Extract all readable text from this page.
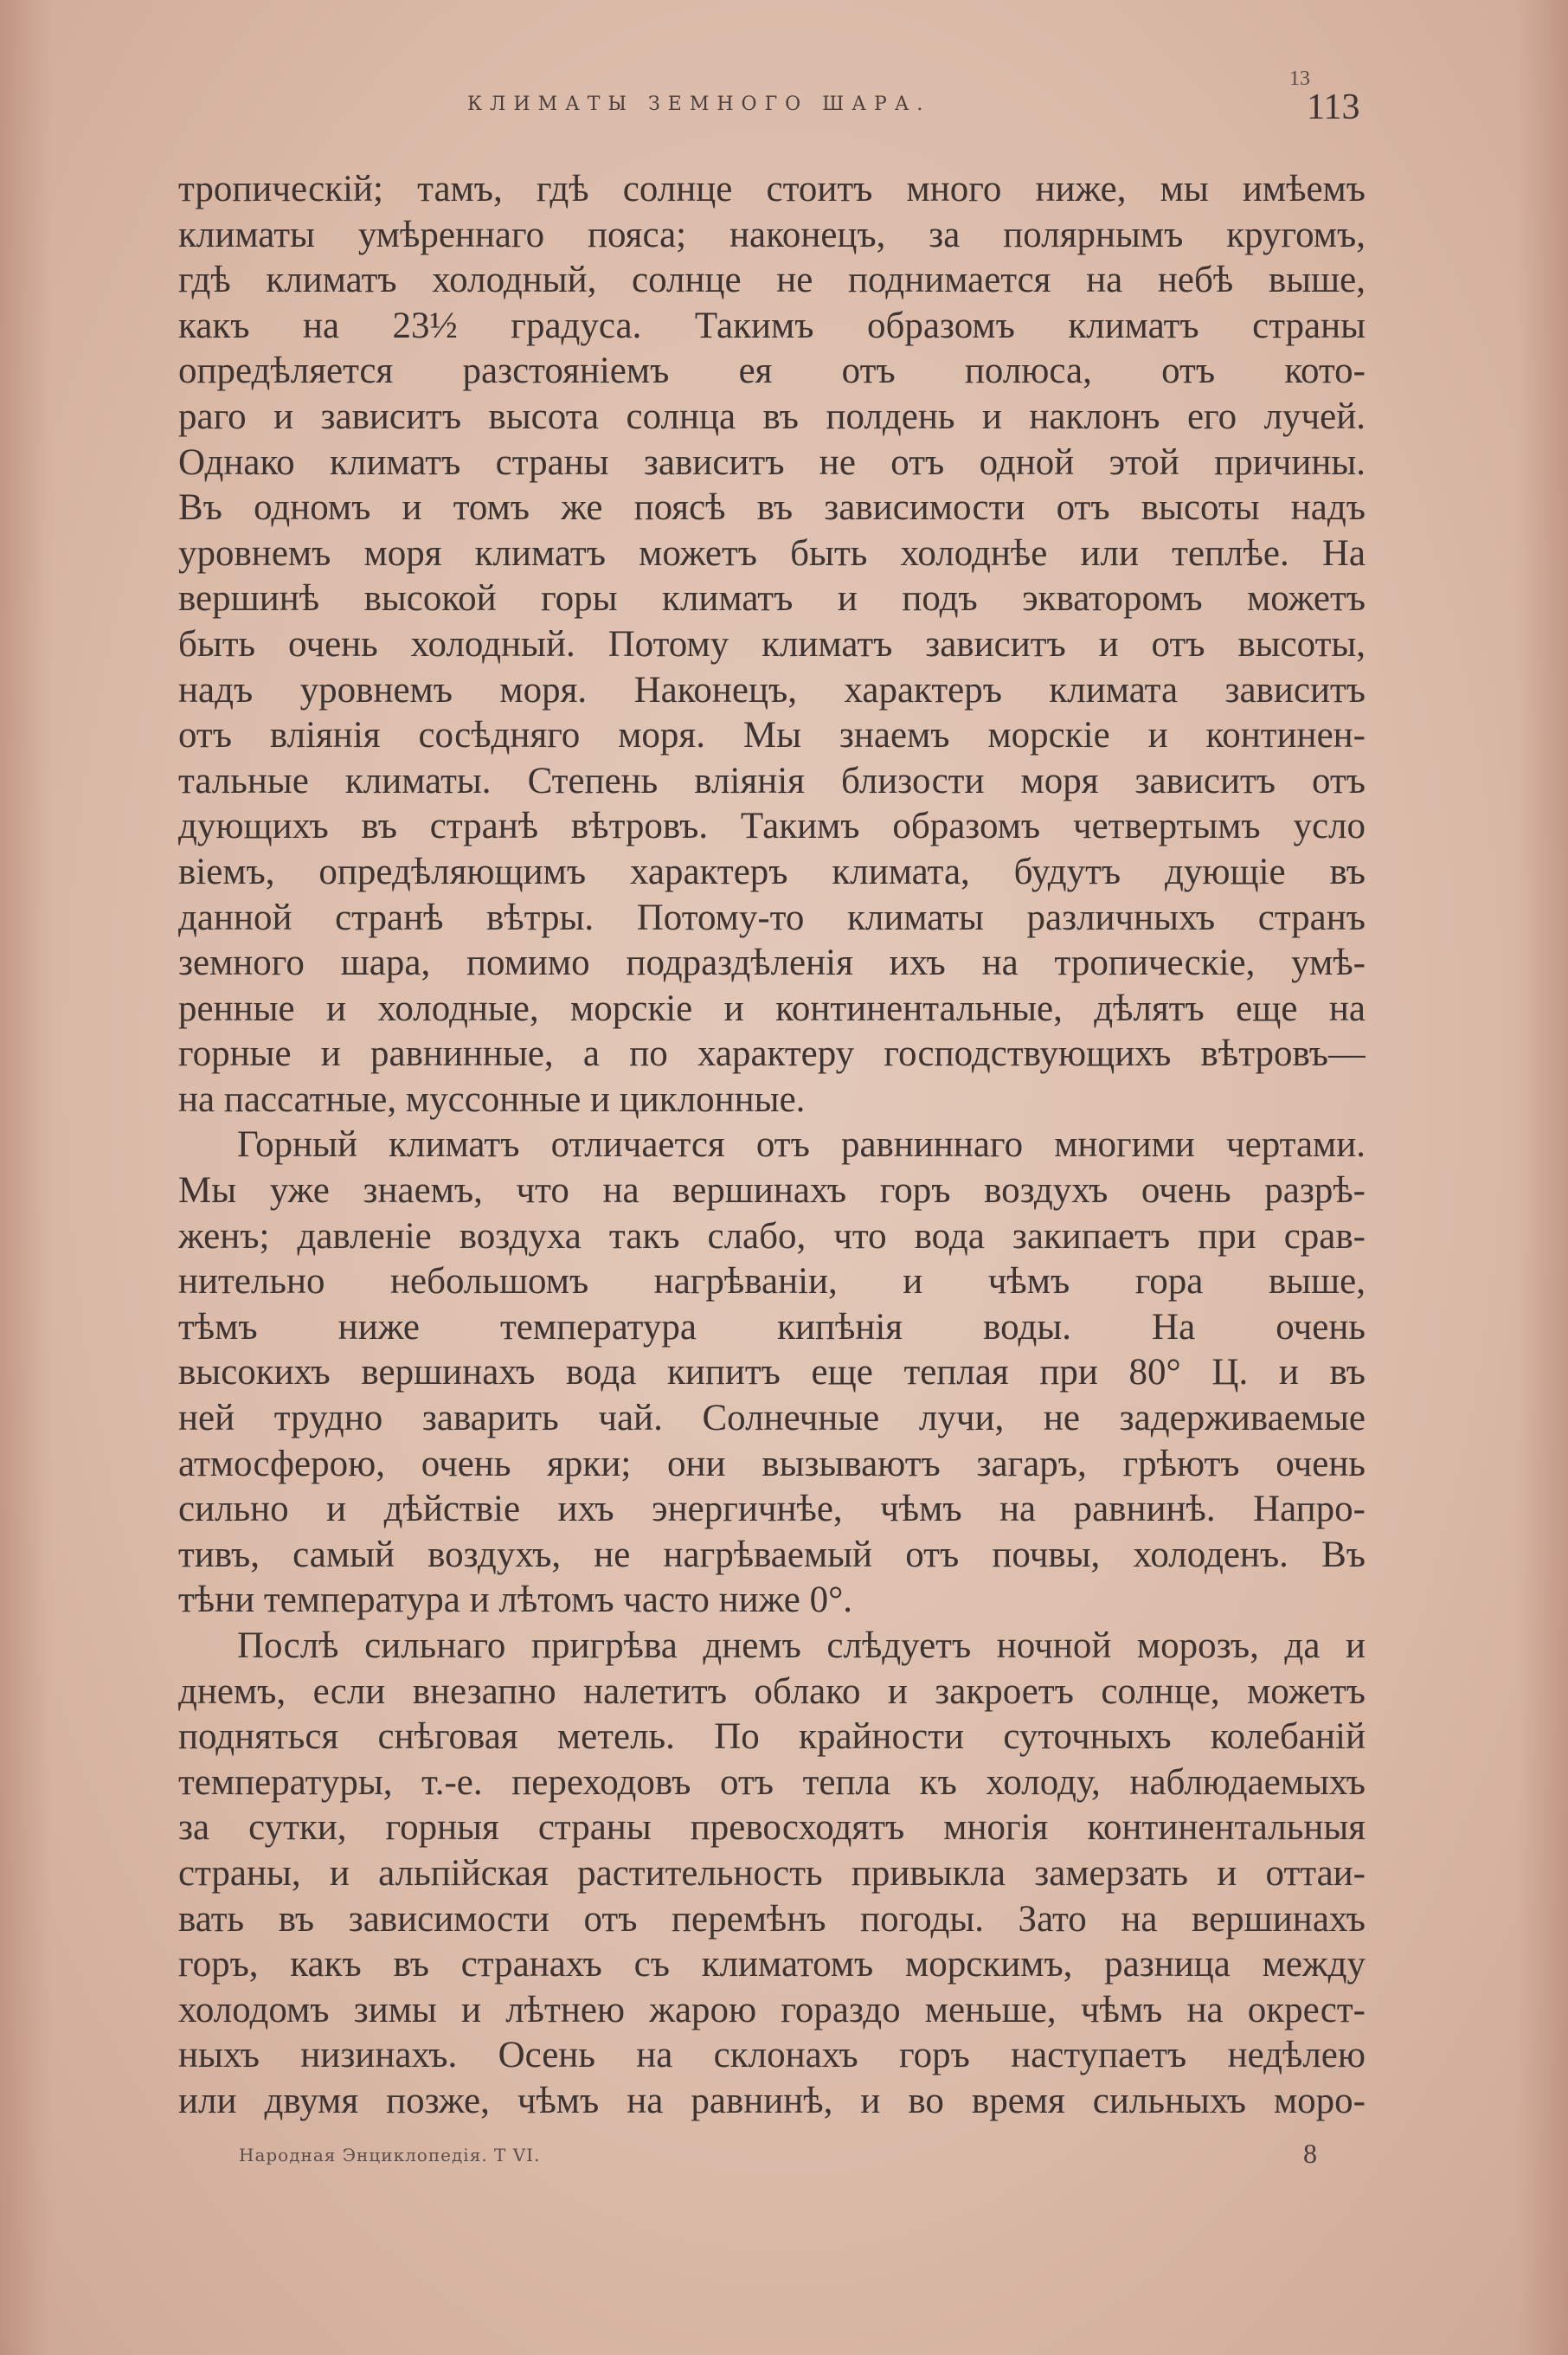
КЛИМАТЫ ЗЕМНОГО ШАРА.
13
113
тропическій; тамъ, гдѣ солнце стоитъ много ниже, мы имѣемъ
климаты умѣреннаго пояса; наконецъ, за полярнымъ кругомъ,
гдѣ климатъ холодный, солнце не поднимается на небѣ выше,
какъ на 23½ градуса. Такимъ образомъ климатъ страны
опредѣляется разстояніемъ ея отъ полюса, отъ кото-
раго и зависитъ высота солнца въ полдень и наклонъ его лучей.
Однако климатъ страны зависитъ не отъ одной этой причины.
Въ одномъ и томъ же поясѣ въ зависимости отъ высоты надъ
уровнемъ моря климатъ можетъ быть холоднѣе или теплѣе. На
вершинѣ высокой горы климатъ и подъ экваторомъ можетъ
быть очень холодный. Потому климатъ зависитъ и отъ высоты,
надъ уровнемъ моря. Наконецъ, характеръ климата зависитъ
отъ вліянія сосѣдняго моря. Мы знаемъ морскіе и континен-
тальные климаты. Степень вліянія близости моря зависитъ отъ
дующихъ въ странѣ вѣтровъ. Такимъ образомъ четвертымъ усло
віемъ, опредѣляющимъ характеръ климата, будутъ дующіе въ
данной странѣ вѣтры. Потому-то климаты различныхъ странъ
земного шара, помимо подраздѣленія ихъ на тропическіе, умѣ-
ренные и холодные, морскіе и континентальные, дѣлятъ еще на
горные и равнинные, а по характеру господствующихъ вѣтровъ—
на пассатные, муссонные и циклонные.
Горный климатъ отличается отъ равниннаго многими чертами.
Мы уже знаемъ, что на вершинахъ горъ воздухъ очень разрѣ-
женъ; давленіе воздуха такъ слабо, что вода закипаетъ при срав-
нительно небольшомъ нагрѣваніи, и чѣмъ гора выше,
тѣмъ ниже температура кипѣнія воды. На очень
высокихъ вершинахъ вода кипитъ еще теплая при 80° Ц. и въ
ней трудно заварить чай. Солнечные лучи, не задерживаемые
атмосферою, очень ярки; они вызываютъ загаръ, грѣютъ очень
сильно и дѣйствіе ихъ энергичнѣе, чѣмъ на равнинѣ. Напро-
тивъ, самый воздухъ, не нагрѣваемый отъ почвы, холоденъ. Въ
тѣни температура и лѣтомъ часто ниже 0°.
Послѣ сильнаго пригрѣва днемъ слѣдуетъ ночной морозъ, да и
днемъ, если внезапно налетитъ облако и закроетъ солнце, можетъ
подняться снѣговая метель. По крайности суточныхъ колебаній
температуры, т.-е. переходовъ отъ тепла къ холоду, наблюдаемыхъ
за сутки, горныя страны превосходятъ многія континентальныя
страны, и альпійская растительность привыкла замерзать и оттаи-
вать въ зависимости отъ перемѣнъ погоды. Зато на вершинахъ
горъ, какъ въ странахъ съ климатомъ морскимъ, разница между
холодомъ зимы и лѣтнею жарою гораздо меньше, чѣмъ на окрест-
ныхъ низинахъ. Осень на склонахъ горъ наступаетъ недѣлею
или двумя позже, чѣмъ на равнинѣ, и во время сильныхъ моро-
Народная Энциклопедія. Т VI.	8
